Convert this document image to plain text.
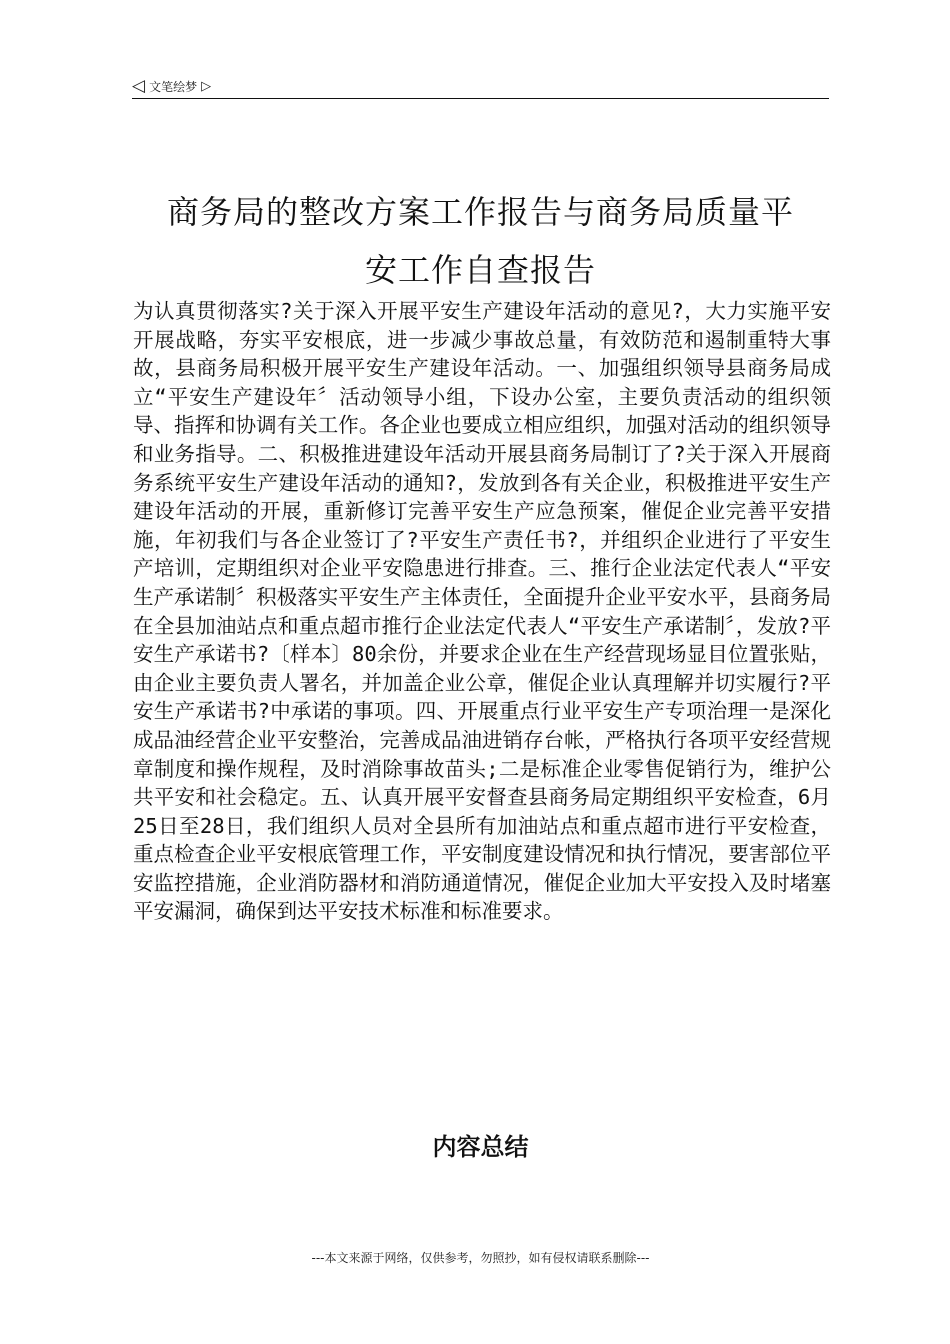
◁ 文笔绘梦 ▷
商务局的整改方案工作报告与商务局质量平
安工作自查报告

为认真贯彻落实?关于深入开展平安生产建设年活动的意见?，大力实施平安开展战略，夯实平安根底，进一步减少事故总量，有效防范和遏制重特大事故，县商务局积极开展平安生产建设年活动。一、加强组织领导县商务局成立“平安生产建设年〞活动领导小组，下设办公室，主要负责活动的组织领导、指挥和协调有关工作。各企业也要成立相应组织，加强对活动的组织领导和业务指导。二、积极推进建设年活动开展县商务局制订了?关于深入开展商务系统平安生产建设年活动的通知?，发放到各有关企业，积极推进平安生产建设年活动的开展，重新修订完善平安生产应急预案，催促企业完善平安措施，年初我们与各企业签订了?平安生产责任书?，并组织企业进行了平安生产培训，定期组织对企业平安隐患进行排查。三、推行企业法定代表人“平安生产承诺制〞积极落实平安生产主体责任，全面提升企业平安水平，县商务局在全县加油站点和重点超市推行企业法定代表人“平安生产承诺制〞，发放?平安生产承诺书?〔样本〕80余份，并要求企业在生产经营现场显目位置张贴，由企业主要负责人署名，并加盖企业公章，催促企业认真理解并切实履行?平安生产承诺书?中承诺的事项。四、开展重点行业平安生产专项治理一是深化成品油经营企业平安整治，完善成品油进销存台帐，严格执行各项平安经营规章制度和操作规程，及时消除事故苗头;二是标准企业零售促销行为，维护公共平安和社会稳定。五、认真开展平安督查县商务局定期组织平安检查，6月25日至28日，我们组织人员对全县所有加油站点和重点超市进行平安检查，重点检查企业平安根底管理工作，平安制度建设情况和执行情况，要害部位平安监控措施，企业消防器材和消防通道情况，催促企业加大平安投入及时堵塞平安漏洞，确保到达平安技术标准和标准要求。

内容总结
---本文来源于网络，仅供参考，勿照抄，如有侵权请联系删除---
